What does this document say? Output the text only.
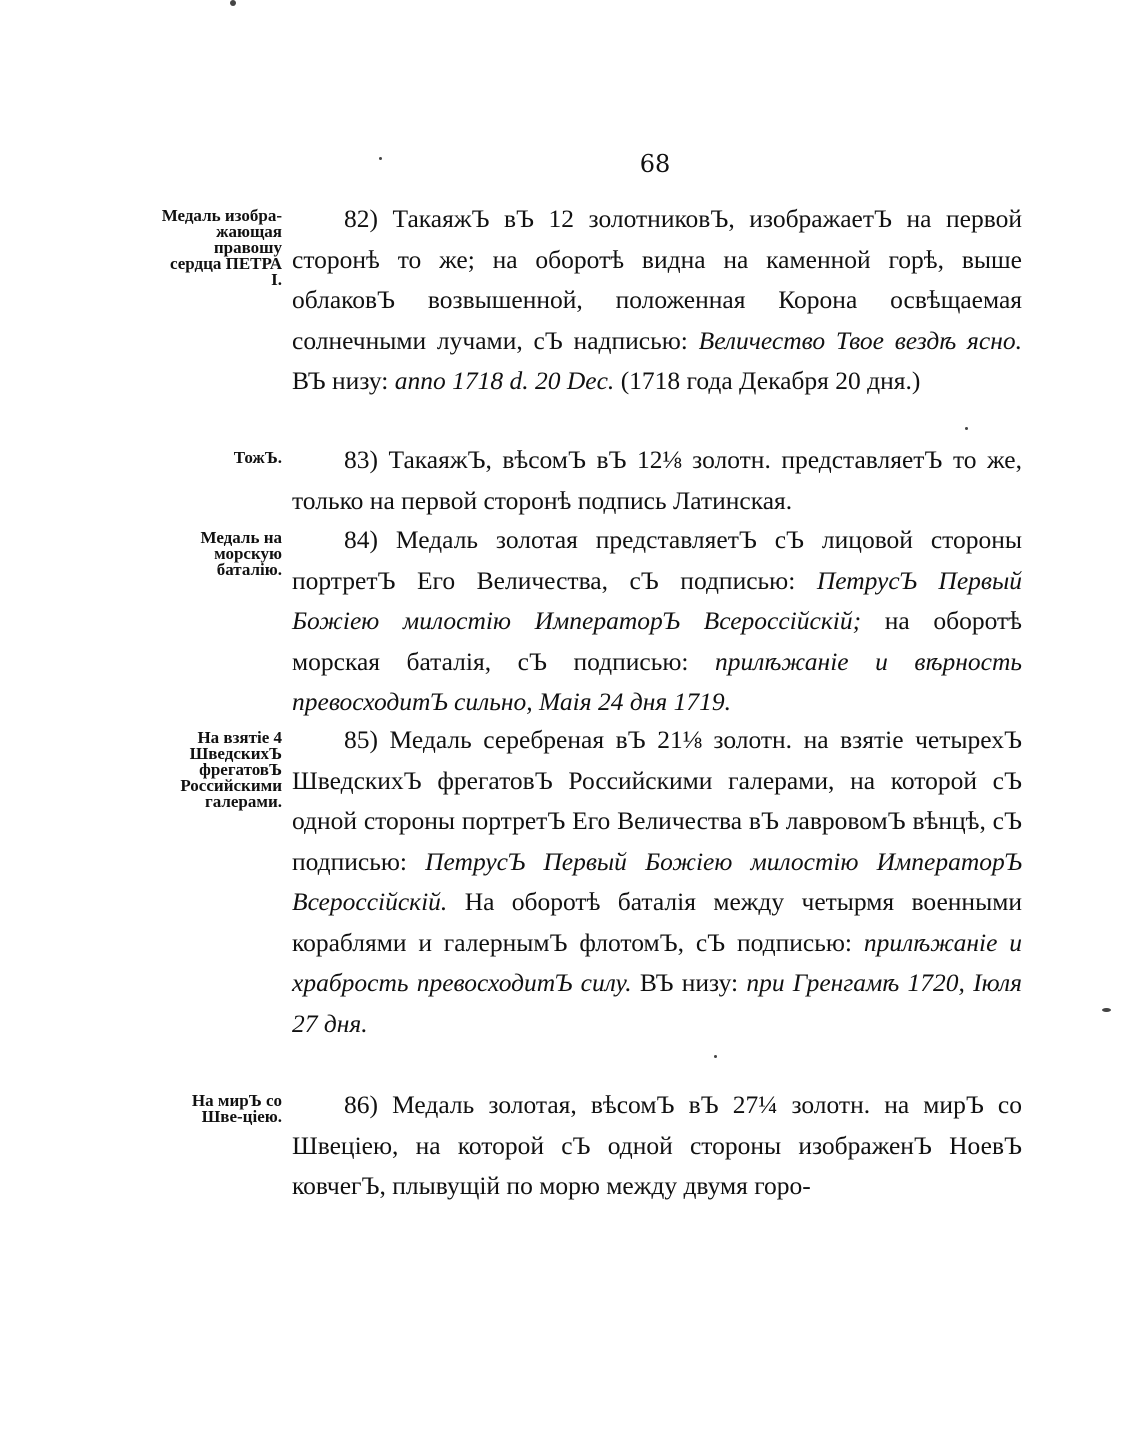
68
Медаль изобра-жающая правошу сердца ПЕТРА I.
82) ТакаяжЪ вЪ 12 золотниковЪ, изображаетЪ на первой сторонѣ то же; на оборотѣ видна на каменной горѣ, выше облаковЪ возвышенной, положенная Корона освѣщаемая солнечными лучами, сЪ надписью: Величество Твое вездѣ ясно. ВЪ низу: anno 1718 d. 20 Dec. (1718 года Декабря 20 дня.)
ТожЪ.	83) ТакаяжЪ, вѣсомЪ вЪ 12⅛ золотн. представляетЪ то же, только на первой сторонѣ подпись Латинская.
Медаль на морскую баталію.
84) Медаль золотая представляетЪ сЪ лицовой стороны портретЪ Его Величества, сЪ подписью: ПетрусЪ Первый Божіею милостію ИмператорЪ Всероссійскій; на оборотѣ морская баталія, сЪ подписью: прилѣжаніе и вѣрность превосходитЪ сильно, Маія 24 дня 1719.
На взятіе 4 ШведскихЪ фрегатовЪ Российскими галерами.
85) Медаль серебреная вЪ 21⅛ золотн. на взятіе четырехЪ ШведскихЪ фрегатовЪ Российскими галерами, на которой сЪ одной стороны портретЪ Его Величества вЪ лавровомЪ вѣнцѣ, сЪ подписью: ПетрусЪ Первый Божіею милостію ИмператорЪ Всероссійскій. На оборотѣ баталія между четырмя военными кораблями и галернымЪ флотомЪ, сЪ подписью: прилѣжаніе и храбрость превосходитЪ силу. ВЪ низу: при Гренгамѣ 1720, Іюля 27 дня.
На мирЪ со Шве-ціею.	86) Медаль золотая, вѣсомЪ вЪ 27¼ золотн. на мирЪ со Швеціею, на которой сЪ одной стороны изображенЪ НоевЪ ковчегЪ, плывущій по морю между двумя горо-
